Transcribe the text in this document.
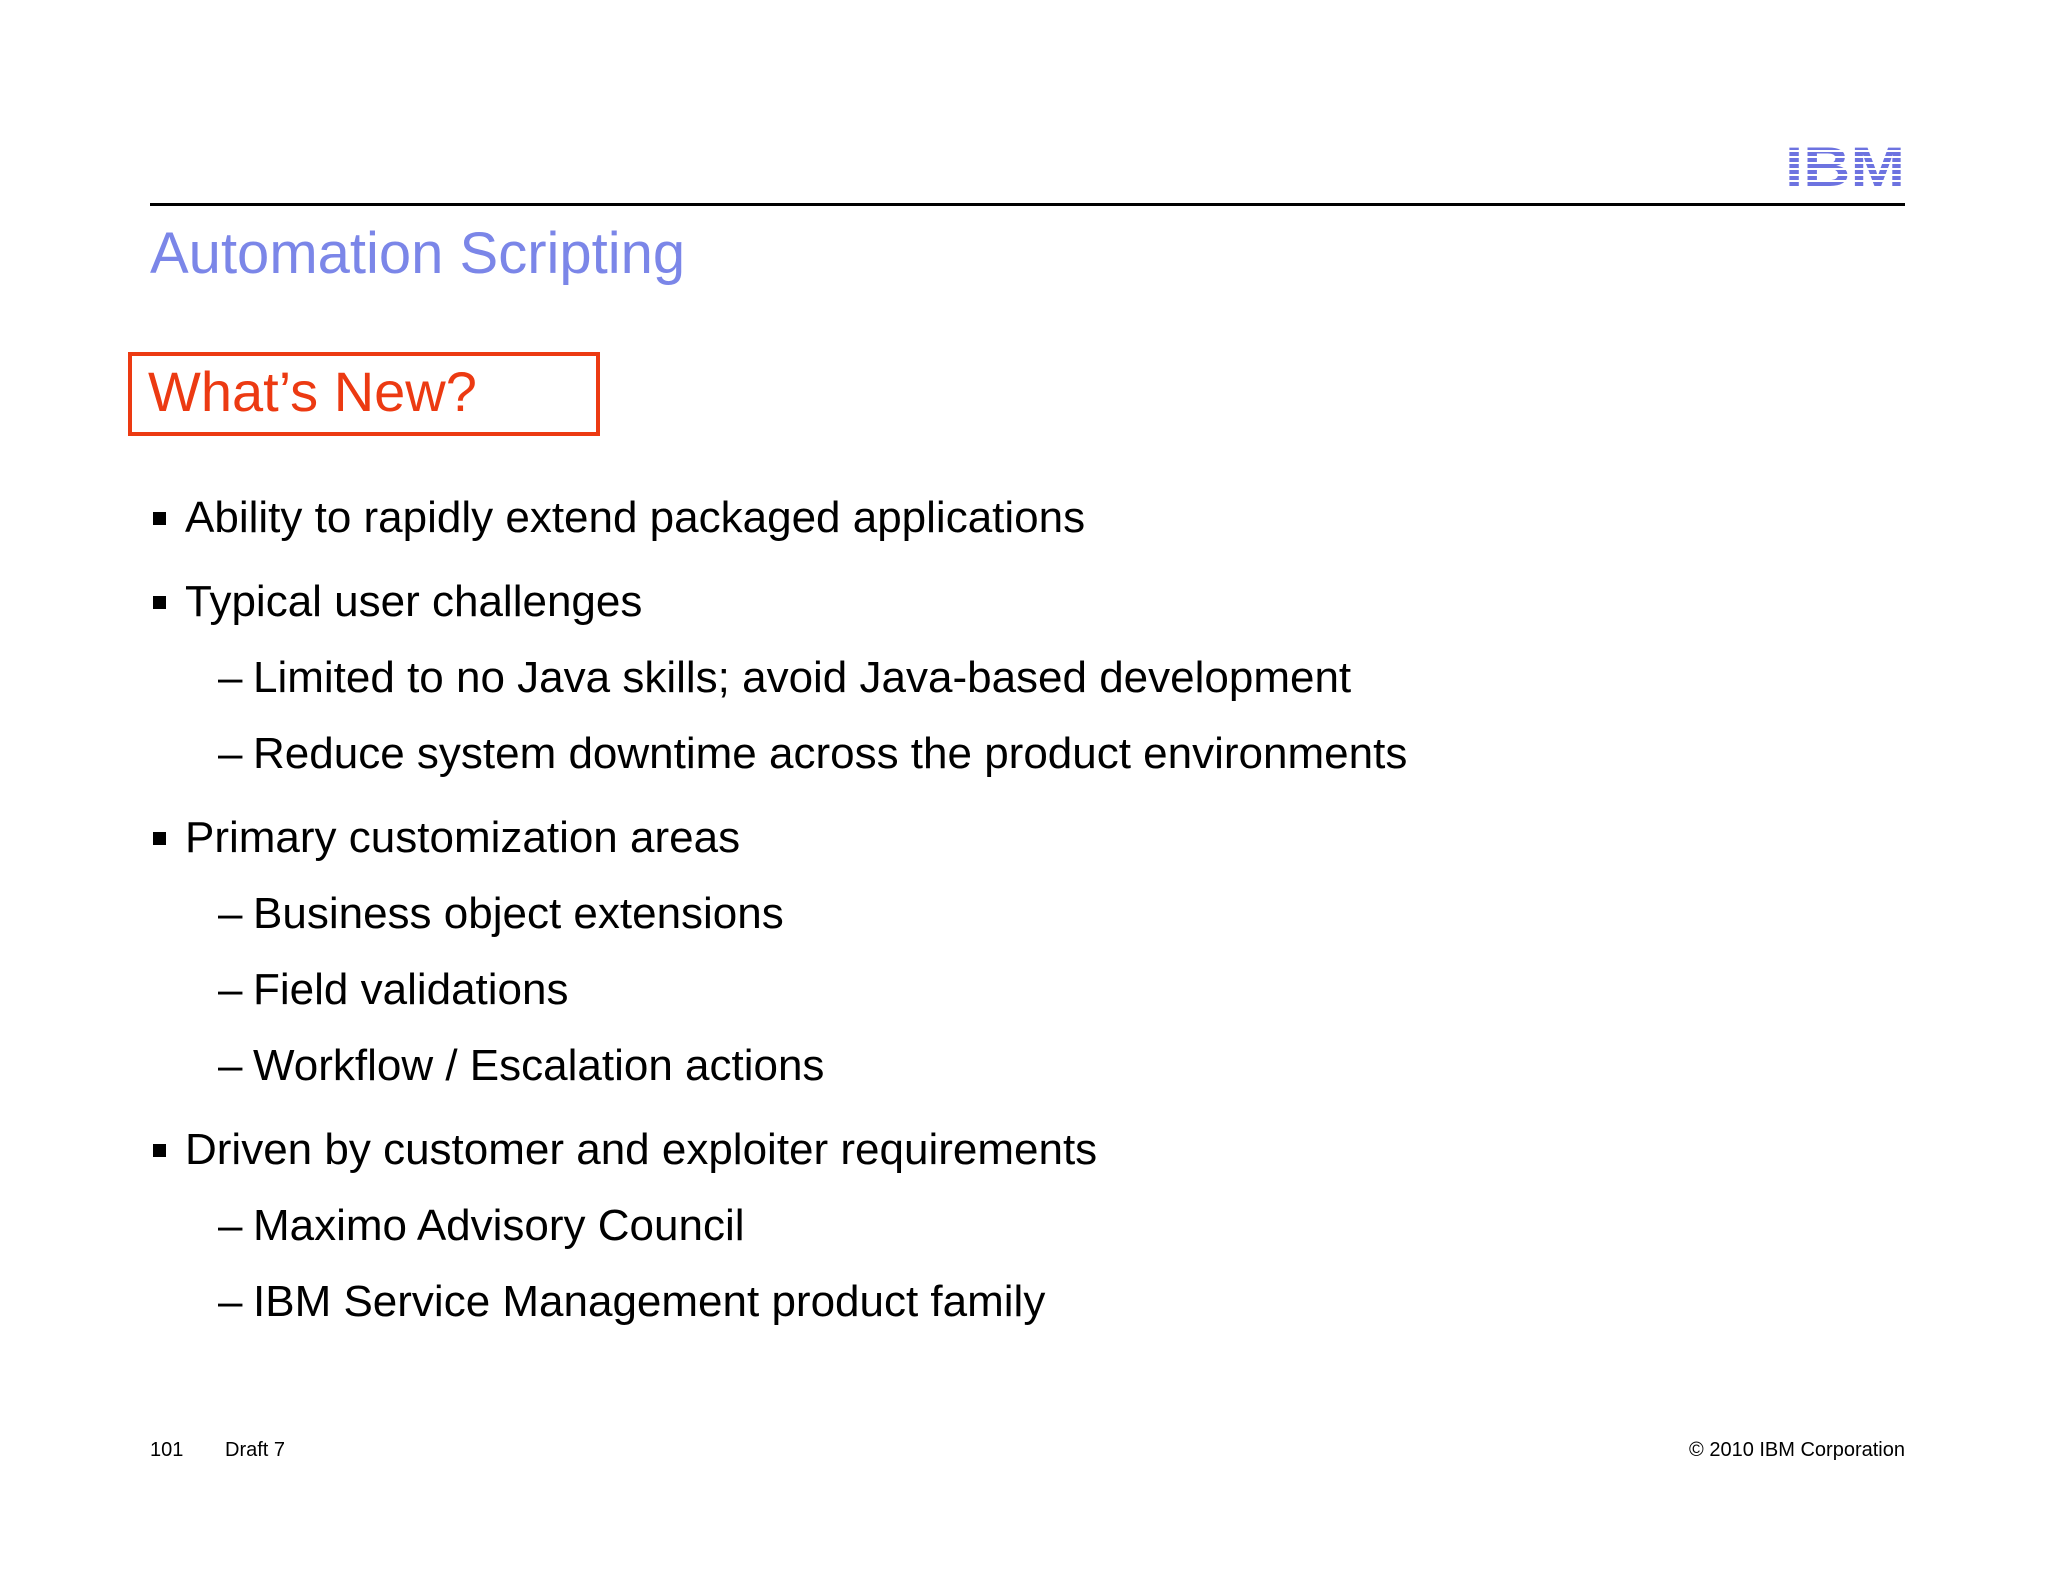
Automation Scripting
What’s New?
Ability to rapidly extend packaged applications
Typical user challenges
– Limited to no Java skills; avoid Java-based development
– Reduce system downtime across the product environments
Primary customization areas
– Business object extensions
– Field validations
– Workflow / Escalation actions
Driven by customer and exploiter requirements
– Maximo Advisory Council
– IBM Service Management product family
101 Draft 7	© 2010 IBM Corporation
